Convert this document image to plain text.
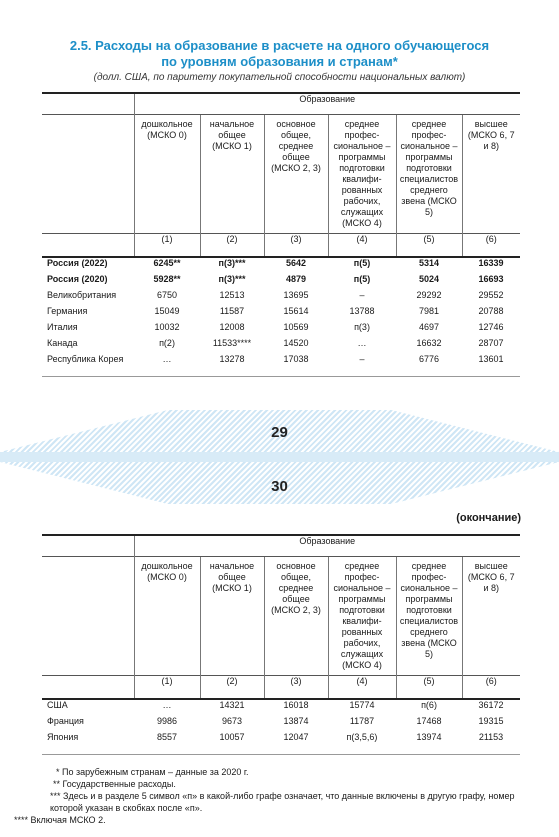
2.5. Расходы на образование в расчете на одного обучающегося
по уровням образования и странам*
(долл. США, по паритету покупательной способности национальных валют)
	Образование					
	дошкольное (МСКО 0)	начальное общее (МСКО 1)	основное общее, среднее общее (МСКО 2, 3)	среднее профес-сиональное – программы подготовки квалифи-рованных рабочих, служащих (МСКО 4)	среднее профес-сиональное – программы подготовки специалистов среднего звена (МСКО 5)	высшее (МСКО 6, 7 и 8)
	(1)	(2)	(3)	(4)	(5)	(6)
Россия (2022)	6245**	п(3)***	5642	п(5)	5314	16339
Россия (2020)	5928**	п(3)***	4879	п(5)	5024	16693
Великобритания	6750	12513	13695	–	29292	29552
Германия	15049	11587	15614	13788	7981	20788
Италия	10032	12008	10569	п(3)	4697	12746
Канада	п(2)	11533****	14520	…	16632	28707
Республика Корея	…	13278	17038	–	6776	13601

29
30
(окончание)
	Образование					
	дошкольное (МСКО 0)	начальное общее (МСКО 1)	основное общее, среднее общее (МСКО 2, 3)	среднее профес-сиональное – программы подготовки квалифи-рованных рабочих, служащих (МСКО 4)	среднее профес-сиональное – программы подготовки специалистов среднего звена (МСКО 5)	высшее (МСКО 6, 7 и 8)
	(1)	(2)	(3)	(4)	(5)	(6)
США	…	14321	16018	15774	п(6)	36172
Франция	9986	9673	13874	11787	17468	19315
Япония	8557	10057	12047	п(3,5,6)	13974	21153

* По зарубежным странам – данные за 2020 г.
** Государственные расходы.
*** Здесь и в разделе 5 символ «п» в какой-либо графе означает, что данные включены в другую графу, номер которой указан в скобках после «п».
**** Включая МСКО 2.
